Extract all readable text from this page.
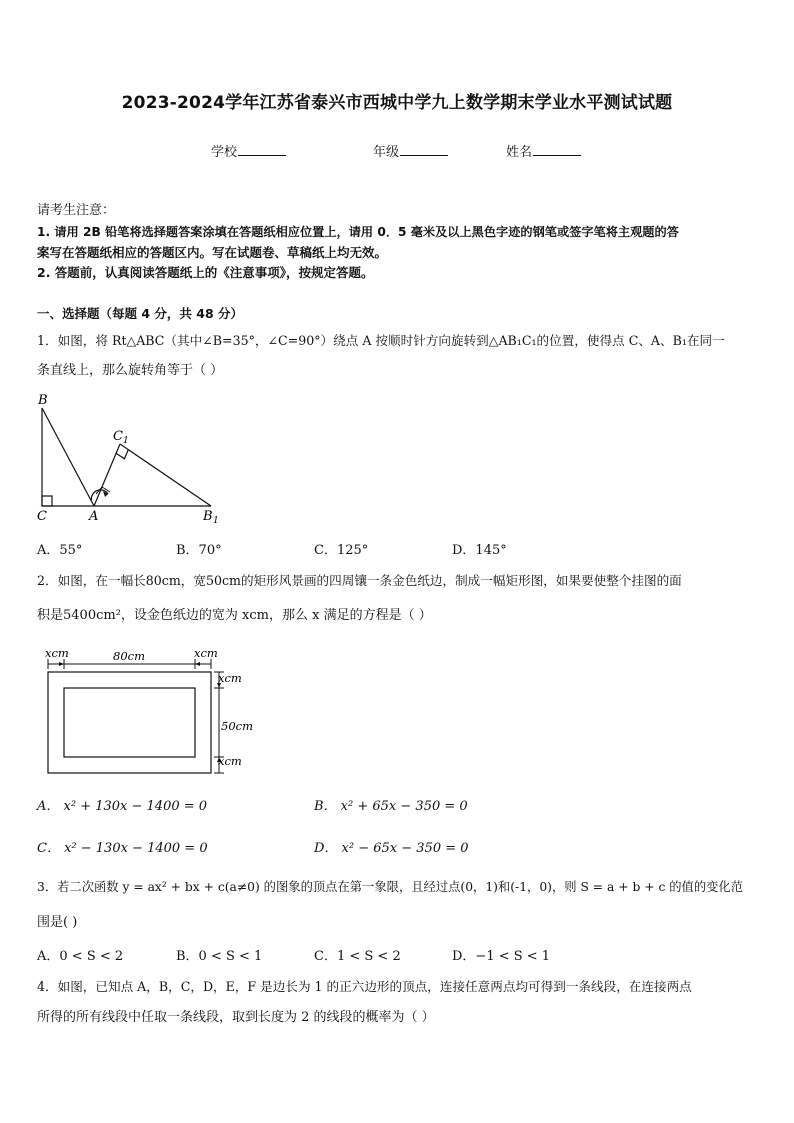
2023-2024学年江苏省泰兴市西城中学九上数学期末学业水平测试试题
学校	年级	姓名
请考生注意：
1. 请用 2B 铅笔将选择题答案涂填在答题纸相应位置上，请用 0．5 毫米及以上黑色字迹的钢笔或签字笔将主观题的答
案写在答题纸相应的答题区内。写在试题卷、草稿纸上均无效。
2. 答题前，认真阅读答题纸上的《注意事项》，按规定答题。
一、选择题（每题 4 分，共 48 分）
1．如图，将 Rt△ABC（其中∠B=35°，∠C=90°）绕点 A 按顺时针方向旋转到△AB₁C₁的位置，使得点 C、A、B₁在同一
条直线上，那么旋转角等于（ ）
B
C	A	B 1
C 1
A．55°	B．70°	C．125°	D．145°
2．如图，在一幅长80cm，宽50cm的矩形风景画的四周镶一条金色纸边，制成一幅矩形图，如果要使整个挂图的面
积是5400cm²，设金色纸边的宽为 xcm，那么 x 满足的方程是（ ）
xcm	80cm	xcm
xcm
50cm
xcm
A． x² + 130x − 1400 = 0	B． x² + 65x − 350 = 0
C． x² − 130x − 1400 = 0	D． x² − 65x − 350 = 0
3．若二次函数 y = ax² + bx + c(a≠0) 的图象的顶点在第一象限，且经过点(0，1)和(-1，0)，则 S = a + b + c 的值的变化范
围是( )
A．0 < S < 2	B．0 < S < 1	C．1 < S < 2	D．−1 < S < 1
4．如图，已知点 A，B，C，D，E，F 是边长为 1 的正六边形的顶点，连接任意两点均可得到一条线段，在连接两点
所得的所有线段中任取一条线段，取到长度为 2 的线段的概率为（ ）
